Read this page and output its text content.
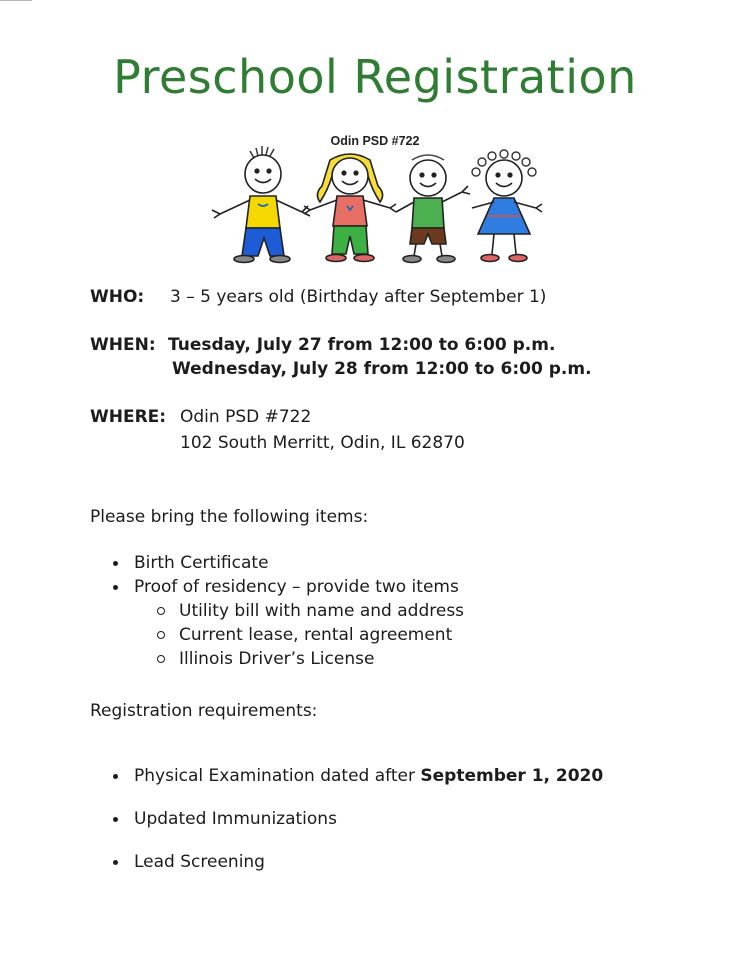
Preschool Registration
Odin PSD #722
WHO: 3 – 5 years old (Birthday after September 1)
WHEN: Tuesday, July 27 from 12:00 to 6:00 p.m.
Wednesday, July 28 from 12:00 to 6:00 p.m.
WHERE: Odin PSD #722
102 South Merritt, Odin, IL 62870
Please bring the following items:
Birth Certificate
Proof of residency – provide two items
Utility bill with name and address
Current lease, rental agreement
Illinois Driver’s License
Registration requirements:
Physical Examination dated after September 1, 2020
Updated Immunizations
Lead Screening
